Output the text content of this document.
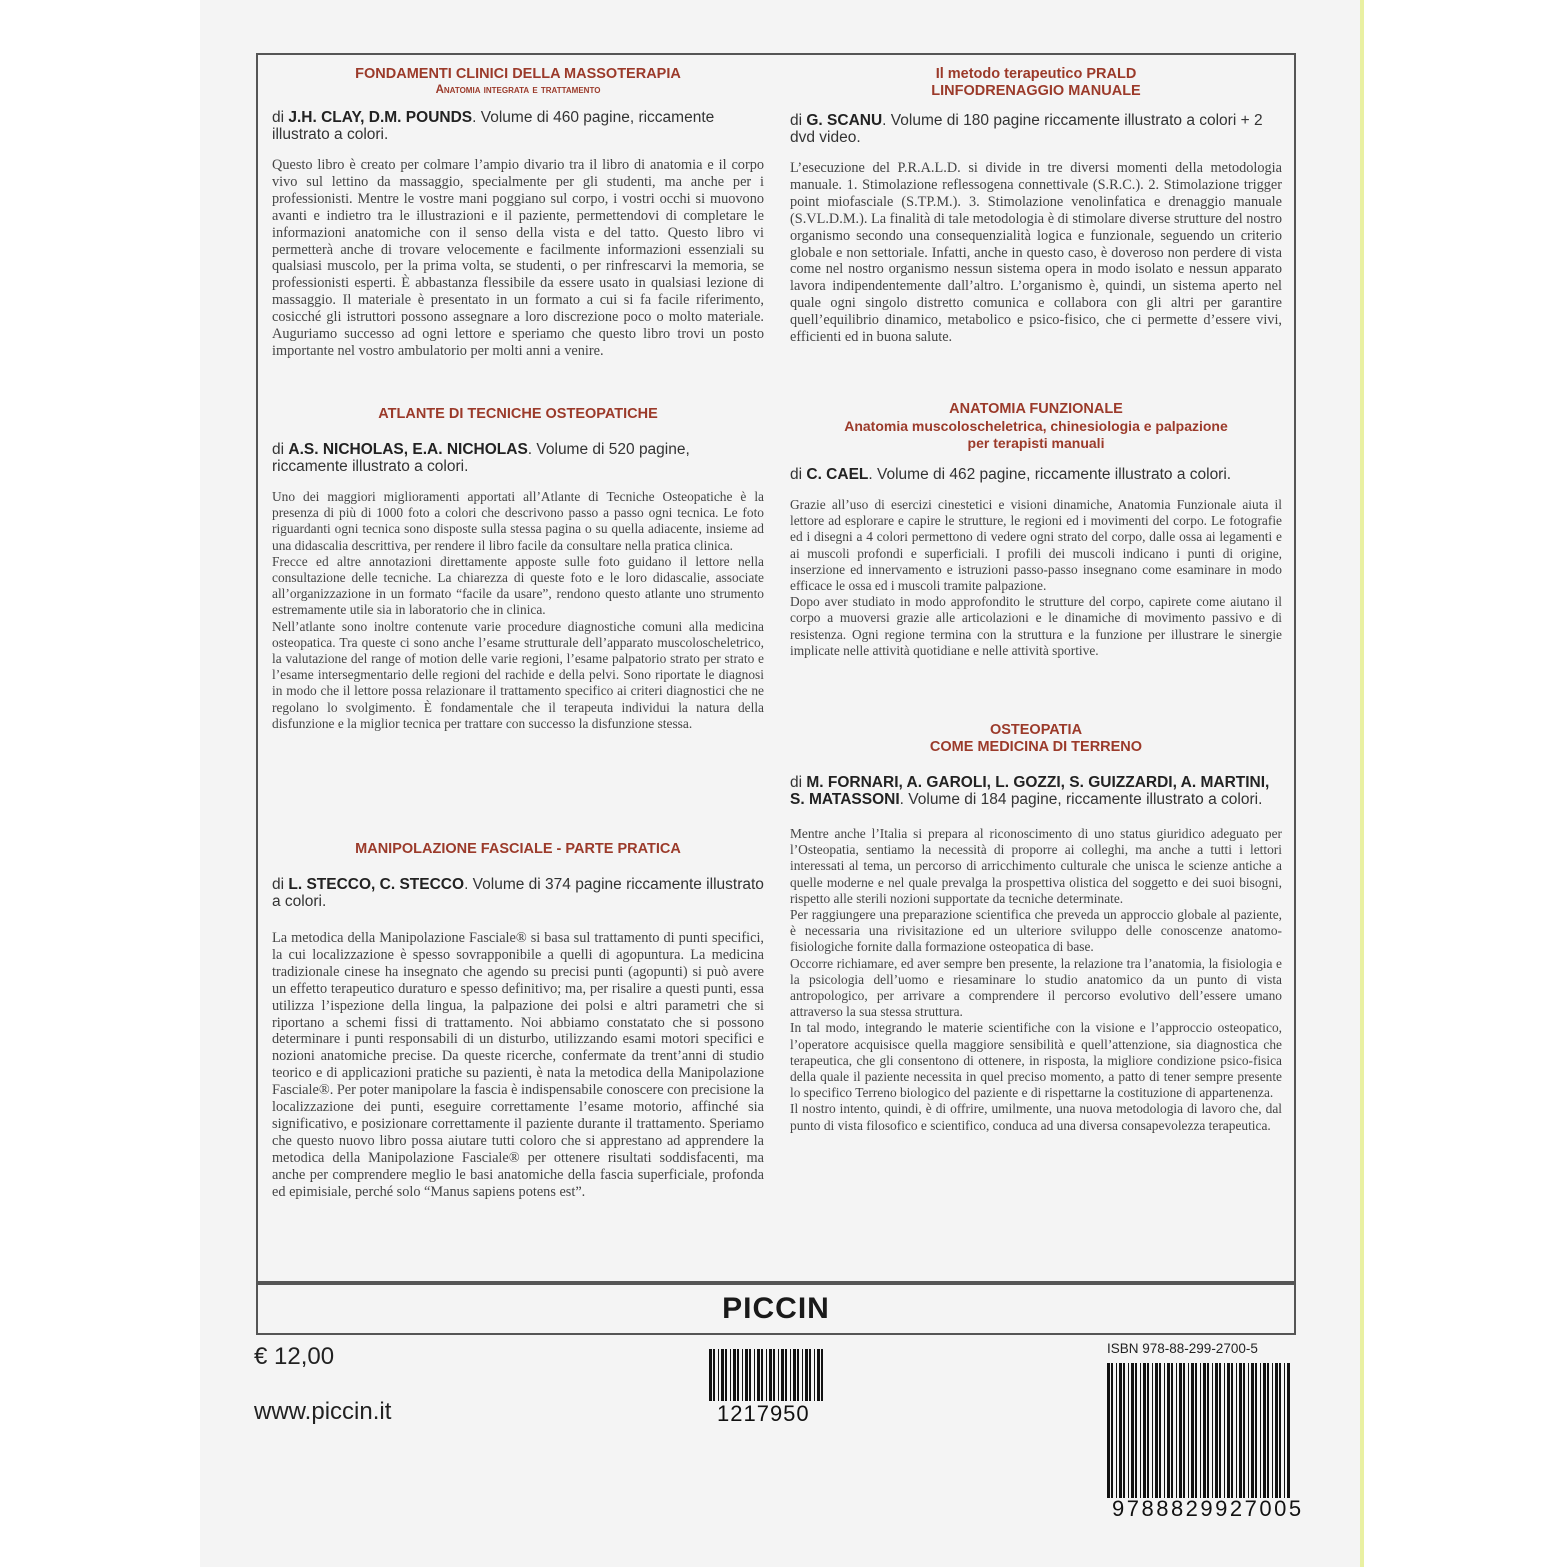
FONDAMENTI CLINICI DELLA MASSOTERAPIA

Anatomia integrata e trattamento
di J.H. CLAY, D.M. POUNDS. Volume di 460 pagine, riccamente illustrato a colori.
Questo libro è creato per colmare l’ampio divario tra il libro di anatomia e il corpo vivo sul lettino da massaggio, specialmente per gli studenti, ma anche per i professionisti. Mentre le vostre mani poggiano sul corpo, i vostri occhi si muovono avanti e indietro tra le illustrazioni e il paziente, permettendovi di completare le informazioni anatomiche con il senso della vista e del tatto. Questo libro vi permetterà anche di trovare velocemente e facilmente informazioni essenziali su qualsiasi muscolo, per la prima volta, se studenti, o per rinfrescarvi la memoria, se professionisti esperti. È abbastanza flessibile da essere usato in qualsiasi lezione di massaggio. Il materiale è presentato in un formato a cui si fa facile riferimento, cosicché gli istruttori possono assegnare a loro discrezione poco o molto materiale. Auguriamo successo ad ogni lettore e speriamo che questo libro trovi un posto importante nel vostro ambulatorio per molti anni a venire.

ATLANTE DI TECNICHE OSTEOPATICHE

di A.S. NICHOLAS, E.A. NICHOLAS. Volume di 520 pagine, riccamente illustrato a colori.
Uno dei maggiori miglioramenti apportati all’Atlante di Tecniche Osteopatiche è la presenza di più di 1000 foto a colori che descrivono passo a passo ogni tecnica. Le foto riguardanti ogni tecnica sono disposte sulla stessa pagina o su quella adiacente, insieme ad una didascalia descrittiva, per rendere il libro facile da consultare nella pratica clinica.
Frecce ed altre annotazioni direttamente apposte sulle foto guidano il lettore nella consultazione delle tecniche. La chiarezza di queste foto e le loro didascalie, associate all’organizzazione in un formato “facile da usare”, rendono questo atlante uno strumento estremamente utile sia in laboratorio che in clinica.
Nell’atlante sono inoltre contenute varie procedure diagnostiche comuni alla medicina osteopatica. Tra queste ci sono anche l’esame strutturale dell’apparato muscoloscheletrico, la valutazione del range of motion delle varie regioni, l’esame palpatorio strato per strato e l’esame intersegmentario delle regioni del rachide e della pelvi. Sono riportate le diagnosi in modo che il lettore possa relazionare il trattamento specifico ai criteri diagnostici che ne regolano lo svolgimento. È fondamentale che il terapeuta individui la natura della disfunzione e la miglior tecnica per trattare con successo la disfunzione stessa.

MANIPOLAZIONE FASCIALE - PARTE PRATICA

di L. STECCO, C. STECCO. Volume di 374 pagine riccamente illustrato a colori.
La metodica della Manipolazione Fasciale® si basa sul trattamento di punti specifici, la cui localizzazione è spesso sovrapponibile a quelli di agopuntura. La medicina tradizionale cinese ha insegnato che agendo su precisi punti (agopunti) si può avere un effetto terapeutico duraturo e spesso definitivo; ma, per risalire a questi punti, essa utilizza l’ispezione della lingua, la palpazione dei polsi e altri parametri che si riportano a schemi fissi di trattamento. Noi abbiamo constatato che si possono determinare i punti responsabili di un disturbo, utilizzando esami motori specifici e nozioni anatomiche precise. Da queste ricerche, confermate da trent’anni di studio teorico e di applicazioni pratiche su pazienti, è nata la metodica della Manipolazione Fasciale®. Per poter manipolare la fascia è indispensabile conoscere con precisione la localizzazione dei punti, eseguire correttamente l’esame motorio, affinché sia significativo, e posizionare correttamente il paziente durante il trattamento. Speriamo che questo nuovo libro possa aiutare tutti coloro che si apprestano ad apprendere la metodica della Manipolazione Fasciale® per ottenere risultati soddisfacenti, ma anche per comprendere meglio le basi anatomiche della fascia superficiale, profonda ed epimisiale, perché solo “Manus sapiens potens est”.

Il metodo terapeutico PRALD

LINFODRENAGGIO MANUALE

di G. SCANU. Volume di 180 pagine riccamente illustrato a colori + 2 dvd video.
L’esecuzione del P.R.A.L.D. si divide in tre diversi momenti della metodologia manuale. 1. Stimolazione reflessogena connettivale (S.R.C.). 2. Stimolazione trigger point miofasciale (S.TP.M.). 3. Stimolazione venolinfatica e drenaggio manuale (S.VL.D.M.). La finalità di tale metodologia è di stimolare diverse strutture del nostro organismo secondo una consequenzialità logica e funzionale, seguendo un criterio globale e non settoriale. Infatti, anche in questo caso, è doveroso non perdere di vista come nel nostro organismo nessun sistema opera in modo isolato e nessun apparato lavora indipendentemente dall’altro. L’organismo è, quindi, un sistema aperto nel quale ogni singolo distretto comunica e collabora con gli altri per garantire quell’equilibrio dinamico, metabolico e psico-fisico, che ci permette d’essere vivi, efficienti ed in buona salute.

ANATOMIA FUNZIONALE

Anatomia muscoloscheletrica, chinesiologia e palpazione
per terapisti manuali
di C. CAEL. Volume di 462 pagine, riccamente illustrato a colori.
Grazie all’uso di esercizi cinestetici e visioni dinamiche, Anatomia Funzionale aiuta il lettore ad esplorare e capire le strutture, le regioni ed i movimenti del corpo. Le fotografie ed i disegni a 4 colori permettono di vedere ogni strato del corpo, dalle ossa ai legamenti e ai muscoli profondi e superficiali. I profili dei muscoli indicano i punti di origine, inserzione ed innervamento e istruzioni passo-passo insegnano come esaminare in modo efficace le ossa ed i muscoli tramite palpazione.
Dopo aver studiato in modo approfondito le strutture del corpo, capirete come aiutano il corpo a muoversi grazie alle articolazioni e le dinamiche di movimento passivo e di resistenza. Ogni regione termina con la struttura e la funzione per illustrare le sinergie implicate nelle attività quotidiane e nelle attività sportive.

OSTEOPATIA

COME MEDICINA DI TERRENO

di M. FORNARI, A. GAROLI, L. GOZZI, S. GUIZZARDI, A. MARTINI, S. MATASSONI. Volume di 184 pagine, riccamente illustrato a colori.
Mentre anche l’Italia si prepara al riconoscimento di uno status giuridico adeguato per l’Osteopatia, sentiamo la necessità di proporre ai colleghi, ma anche a tutti i lettori interessati al tema, un percorso di arricchimento culturale che unisca le scienze antiche a quelle moderne e nel quale prevalga la prospettiva olistica del soggetto e dei suoi bisogni, rispetto alle sterili nozioni supportate da tecniche determinate.
Per raggiungere una preparazione scientifica che preveda un approccio globale al paziente, è necessaria una rivisitazione ed un ulteriore sviluppo delle conoscenze anatomo-fisiologiche fornite dalla formazione osteopatica di base.
Occorre richiamare, ed aver sempre ben presente, la relazione tra l’anatomia, la fisiologia e la psicologia dell’uomo e riesaminare lo studio anatomico da un punto di vista antropologico, per arrivare a comprendere il percorso evolutivo dell’essere umano attraverso la sua stessa struttura.
In tal modo, integrando le materie scientifiche con la visione e l’approccio osteopatico, l’operatore acquisisce quella maggiore sensibilità e quell’attenzione, sia diagnostica che terapeutica, che gli consentono di ottenere, in risposta, la migliore condizione psico-fisica della quale il paziente necessita in quel preciso momento, a patto di tener sempre presente lo specifico Terreno biologico del paziente e di rispettarne la costituzione di appartenenza.
Il nostro intento, quindi, è di offrire, umilmente, una nuova metodologia di lavoro che, dal punto di vista filosofico e scientifico, conduca ad una diversa consapevolezza terapeutica.
PICCIN
€ 12,00
www.piccin.it
ISBN 978-88-299-2700-5
1217950
9788829927005
